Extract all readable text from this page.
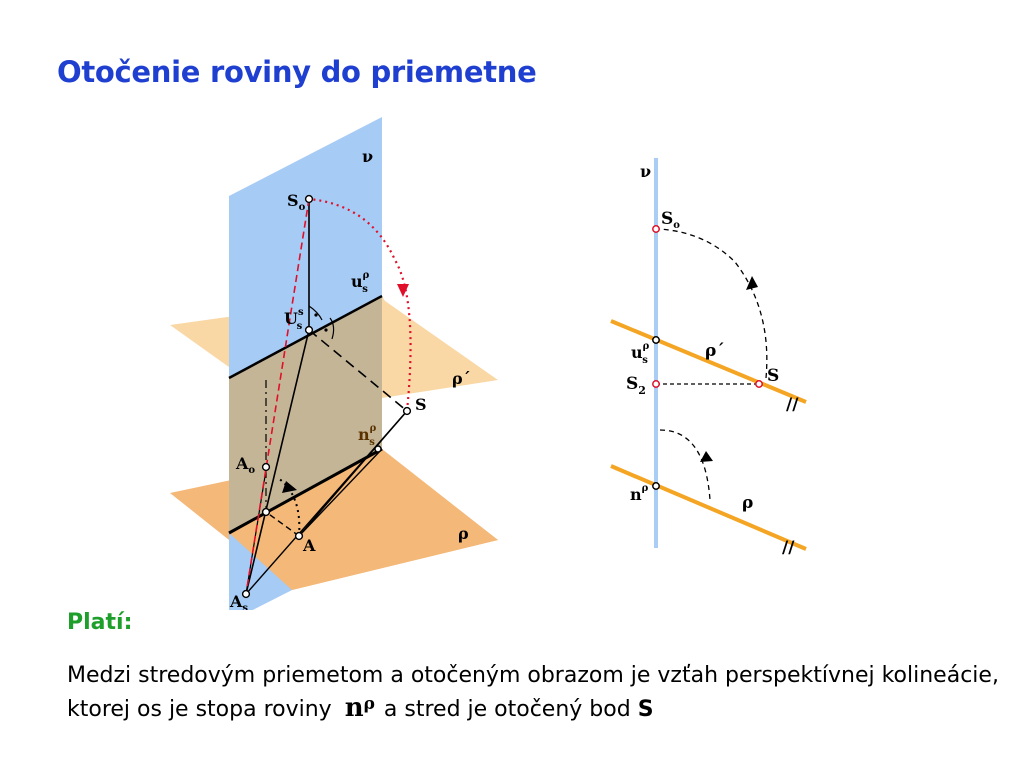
Otočenie roviny do priemetne
ν
$S_o$
$u^\rho$ s
$U^s$ s
ρ´
S
$n^\rho$ s
$A_o$
A
ρ
$A_s$
//
//
ν
$S_o$
$u^\rho$ s	ρ´
S
$S_2$
$n^\rho$
ρ
Platí:
Medzi stredovým priemetom a otočeným obrazom je vzťah perspektívnej kolineácie, ktorej os je stopa roviny $n^\rho$ a stred je otočený bod S
